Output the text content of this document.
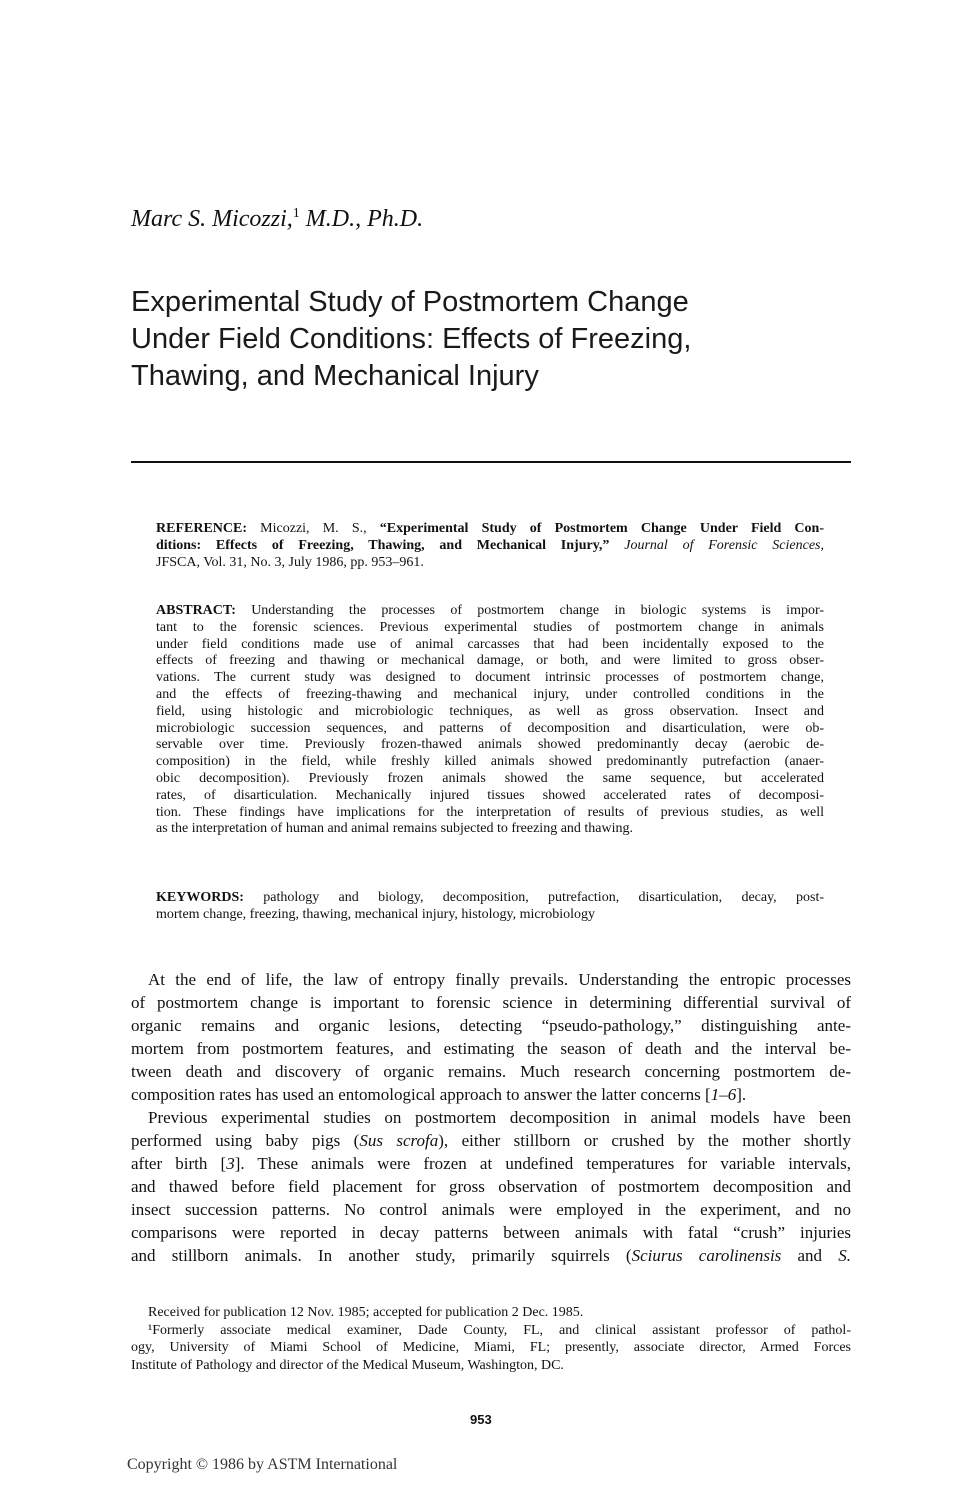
Marc S. Micozzi,$^1$ M.D., Ph.D.
Experimental Study of Postmortem Change
Under Field Conditions: Effects of Freezing,
Thawing, and Mechanical Injury
REFERENCE: Micozzi, M. S., “Experimental Study of Postmortem Change Under Field Con-
ditions: Effects of Freezing, Thawing, and Mechanical Injury,” Journal of Forensic Sciences,
JFSCA, Vol. 31, No. 3, July 1986, pp. 953–961.
ABSTRACT: Understanding the processes of postmortem change in biologic systems is impor-
tant to the forensic sciences. Previous experimental studies of postmortem change in animals
under field conditions made use of animal carcasses that had been incidentally exposed to the
effects of freezing and thawing or mechanical damage, or both, and were limited to gross obser-
vations. The current study was designed to document intrinsic processes of postmortem change,
and the effects of freezing-thawing and mechanical injury, under controlled conditions in the
field, using histologic and microbiologic techniques, as well as gross observation. Insect and
microbiologic succession sequences, and patterns of decomposition and disarticulation, were ob-
servable over time. Previously frozen-thawed animals showed predominantly decay (aerobic de-
composition) in the field, while freshly killed animals showed predominantly putrefaction (anaer-
obic decomposition). Previously frozen animals showed the same sequence, but accelerated
rates, of disarticulation. Mechanically injured tissues showed accelerated rates of decomposi-
tion. These findings have implications for the interpretation of results of previous studies, as well
as the interpretation of human and animal remains subjected to freezing and thawing.
KEYWORDS: pathology and biology, decomposition, putrefaction, disarticulation, decay, post-
mortem change, freezing, thawing, mechanical injury, histology, microbiology
At the end of life, the law of entropy finally prevails. Understanding the entropic processes
of postmortem change is important to forensic science in determining differential survival of
organic remains and organic lesions, detecting “pseudo-pathology,” distinguishing ante-
mortem from postmortem features, and estimating the season of death and the interval be-
tween death and discovery of organic remains. Much research concerning postmortem de-
composition rates has used an entomological approach to answer the latter concerns [1–6].
Previous experimental studies on postmortem decomposition in animal models have been
performed using baby pigs (Sus scrofa), either stillborn or crushed by the mother shortly
after birth [3]. These animals were frozen at undefined temperatures for variable intervals,
and thawed before field placement for gross observation of postmortem decomposition and
insect succession patterns. No control animals were employed in the experiment, and no
comparisons were reported in decay patterns between animals with fatal “crush” injuries
and stillborn animals. In another study, primarily squirrels (Sciurus carolinensis and S.
Received for publication 12 Nov. 1985; accepted for publication 2 Dec. 1985.
¹Formerly associate medical examiner, Dade County, FL, and clinical assistant professor of pathol-
ogy, University of Miami School of Medicine, Miami, FL; presently, associate director, Armed Forces
Institute of Pathology and director of the Medical Museum, Washington, DC.
953
Copyright © 1986 by ASTM International
